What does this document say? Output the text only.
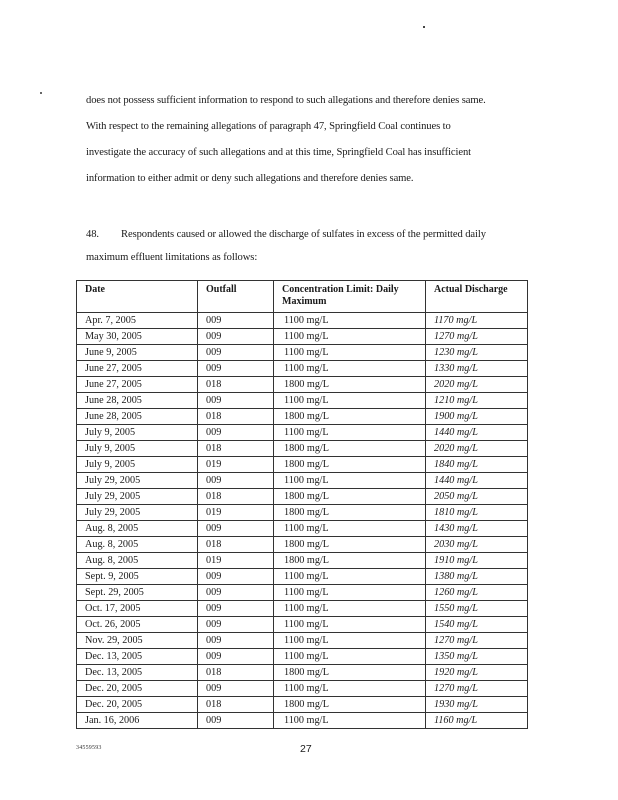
does not possess sufficient information to respond to such allegations and therefore denies same.
With respect to the remaining allegations of paragraph 47, Springfield Coal continues to
investigate the accuracy of such allegations and at this time, Springfield Coal has insufficient
information to either admit or deny such allegations and therefore denies same.
48. Respondents caused or allowed the discharge of sulfates in excess of the permitted daily
maximum effluent limitations as follows:
Date	Outfall	Concentration Limit: Daily Maximum	Actual Discharge
Apr. 7, 2005	009	1100 mg/L	1170 mg/L
May 30, 2005	009	1100 mg/L	1270 mg/L
June 9, 2005	009	1100 mg/L	1230 mg/L
June 27, 2005	009	1100 mg/L	1330 mg/L
June 27, 2005	018	1800 mg/L	2020 mg/L
June 28, 2005	009	1100 mg/L	1210 mg/L
June 28, 2005	018	1800 mg/L	1900 mg/L
July 9, 2005	009	1100 mg/L	1440 mg/L
July 9, 2005	018	1800 mg/L	2020 mg/L
July 9, 2005	019	1800 mg/L	1840 mg/L
July 29, 2005	009	1100 mg/L	1440 mg/L
July 29, 2005	018	1800 mg/L	2050 mg/L
July 29, 2005	019	1800 mg/L	1810 mg/L
Aug. 8, 2005	009	1100 mg/L	1430 mg/L
Aug. 8, 2005	018	1800 mg/L	2030 mg/L
Aug. 8, 2005	019	1800 mg/L	1910 mg/L
Sept. 9, 2005	009	1100 mg/L	1380 mg/L
Sept. 29, 2005	009	1100 mg/L	1260 mg/L
Oct. 17, 2005	009	1100 mg/L	1550 mg/L
Oct. 26, 2005	009	1100 mg/L	1540 mg/L
Nov. 29, 2005	009	1100 mg/L	1270 mg/L
Dec. 13, 2005	009	1100 mg/L	1350 mg/L
Dec. 13, 2005	018	1800 mg/L	1920 mg/L
Dec. 20, 2005	009	1100 mg/L	1270 mg/L
Dec. 20, 2005	018	1800 mg/L	1930 mg/L
Jan. 16, 2006	009	1100 mg/L	1160 mg/L
34559593	27
